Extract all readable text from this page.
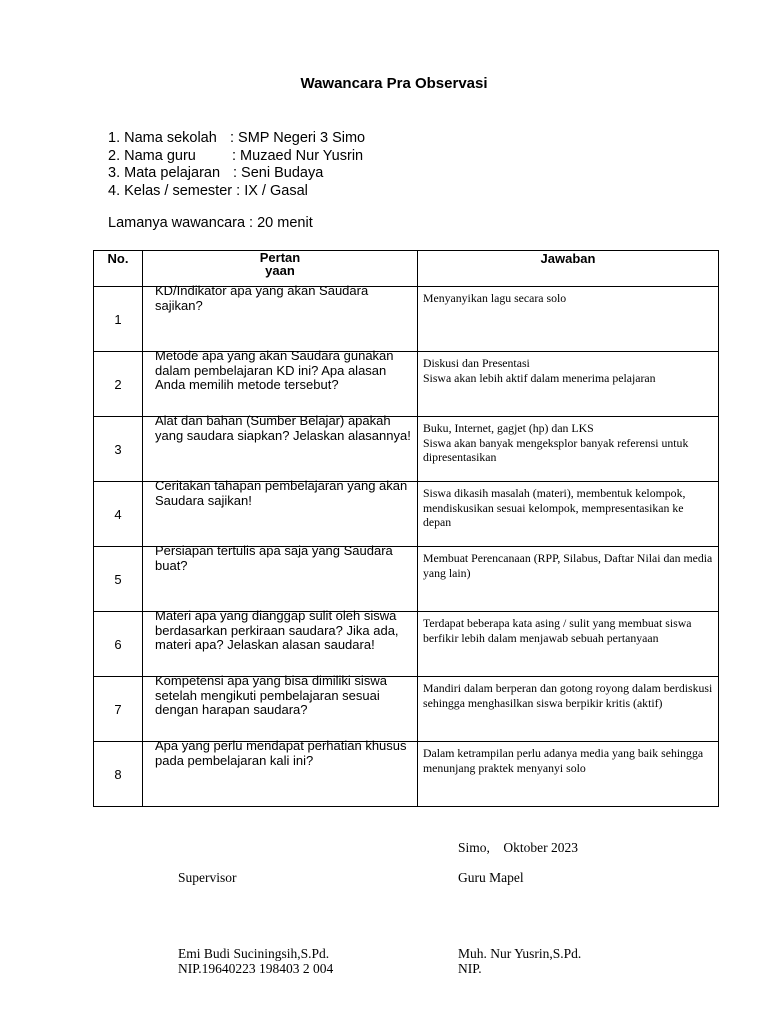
Wawancara Pra Observasi
1. Nama sekolah : SMP Negeri 3 Simo
2. Nama guru	: Muzaed Nur Yusrin
3. Mata pelajaran : Seni Budaya
4. Kelas / semester
: IX / Gasal
Lamanya wawancara : 20 menit
No.	Pertanyaan	Jawaban
1	KD/Indikator apa yang akan Saudara sajikan?	Menyanyikan lagu secara solo
2	Metode apa yang akan Saudara gunakan dalam pembelajaran KD ini? Apa alasan Anda memilih metode tersebut?	Diskusi dan Presentasi
Siswa akan lebih aktif dalam menerima pelajaran
3	Alat dan bahan (Sumber Belajar) apakah yang saudara siapkan? Jelaskan alasannya!	Buku, Internet, gagjet (hp) dan LKS
Siswa akan banyak mengeksplor banyak referensi untuk dipresentasikan
4	Ceritakan tahapan pembelajaran yang akan Saudara sajikan!	Siswa dikasih masalah (materi), membentuk kelompok, mendiskusikan sesuai kelompok, mempresentasikan ke depan
5	Persiapan tertulis apa saja yang Saudara buat?	Membuat Perencanaan (RPP, Silabus, Daftar Nilai dan media yang lain)
6	Materi apa yang dianggap sulit oleh siswa berdasarkan perkiraan saudara? Jika ada, materi apa? Jelaskan alasan saudara!	Terdapat beberapa kata asing / sulit yang membuat siswa berfikir lebih dalam menjawab sebuah pertanyaan
7	Kompetensi apa yang bisa dimiliki siswa setelah mengikuti pembelajaran sesuai dengan harapan saudara?	Mandiri dalam berperan dan gotong royong dalam berdiskusi sehingga menghasilkan siswa berpikir kritis (aktif)
8	Apa yang perlu mendapat perhatian khusus pada pembelajaran kali ini?	Dalam ketrampilan perlu adanya media yang baik sehingga menunjang praktek menyanyi solo
Simo,    Oktober 2023
Supervisor	Guru Mapel
Emi Budi Suciningsih,S.Pd.
NIP.19640223 198403 2 004
Muh. Nur Yusrin,S.Pd.
NIP.
